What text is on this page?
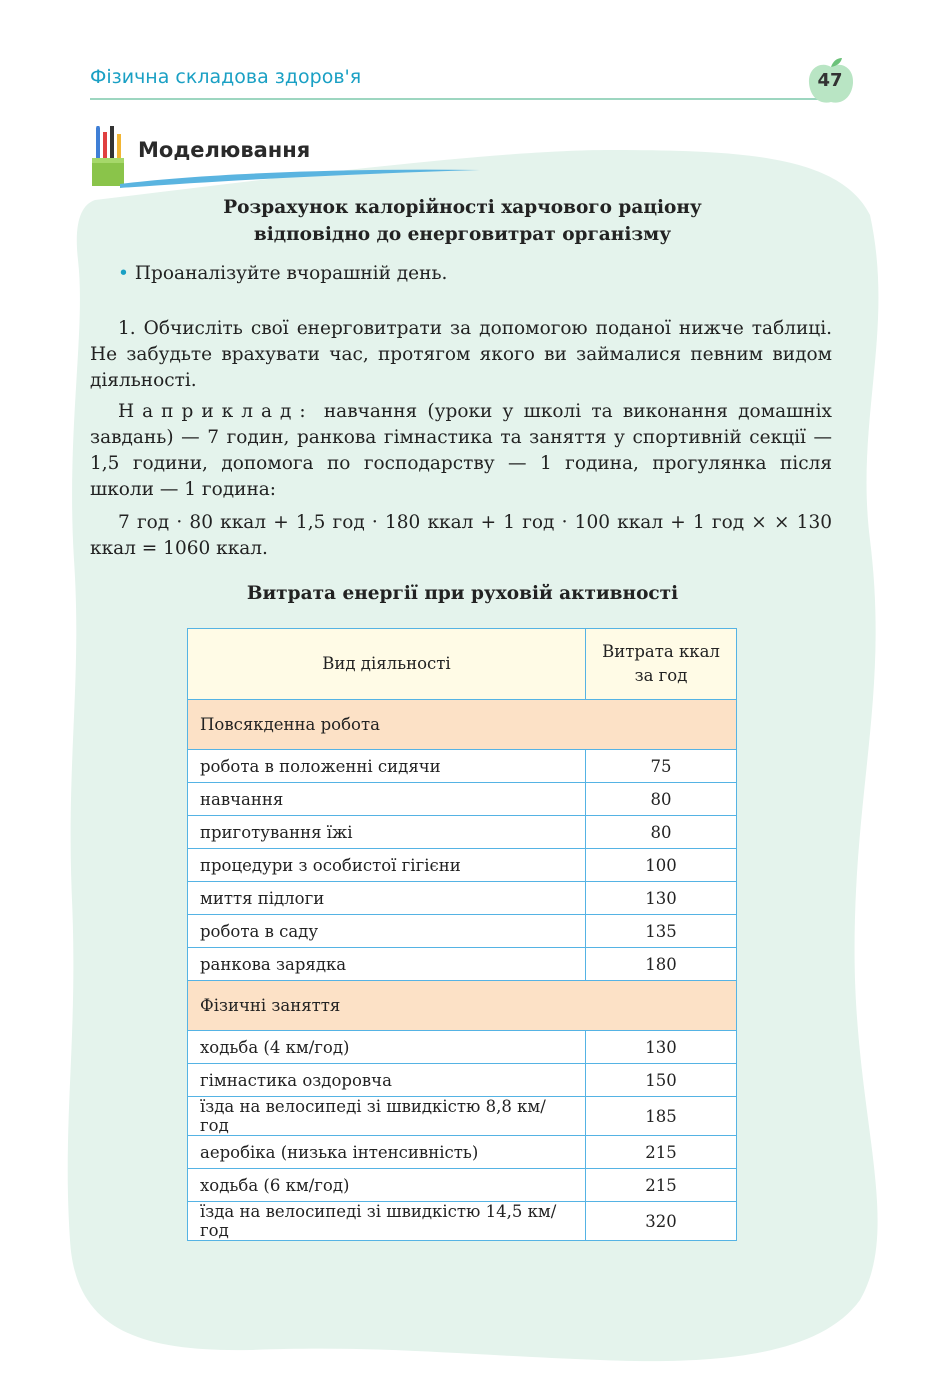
Фізична складова здоров'я	47
Моделювання
Розрахунок калорійності харчового раціону
відповідно до енерговитрат організму
• Проаналізуйте вчорашній день.

1. Обчисліть свої енерговитрати за допомогою поданої нижче таблиці. Не забудьте врахувати час, протягом якого ви займалися певним видом діяльності.

Наприклад: навчання (уроки у школі та виконання домашніх завдань) — 7 годин, ранкова гімнастика та заняття у спортивній секції — 1,5 години, допомога по господарству — 1 година, прогулянка після школи — 1 година:

7 год · 80 ккал + 1,5 год · 180 ккал + 1 год · 100 ккал + 1 год × × 130 ккал = 1060 ккал.

Витрата енергії при руховій активності
Вид діяльності	Витрата ккал
за год

Повсякденна робота	
робота в положенні сидячи	75
навчання	80
приготування їжі	80
процедури з особистої гігієни	100
миття підлоги	130
робота в саду	135
ранкова зарядка	180
Фізичні заняття	
ходьба (4 км/год)	130
гімнастика оздоровча	150
їзда на велосипеді зі швидкістю 8,8 км/год	185
аеробіка (низька інтенсивність)	215
ходьба (6 км/год)	215
їзда на велосипеді зі швидкістю 14,5 км/год	320
